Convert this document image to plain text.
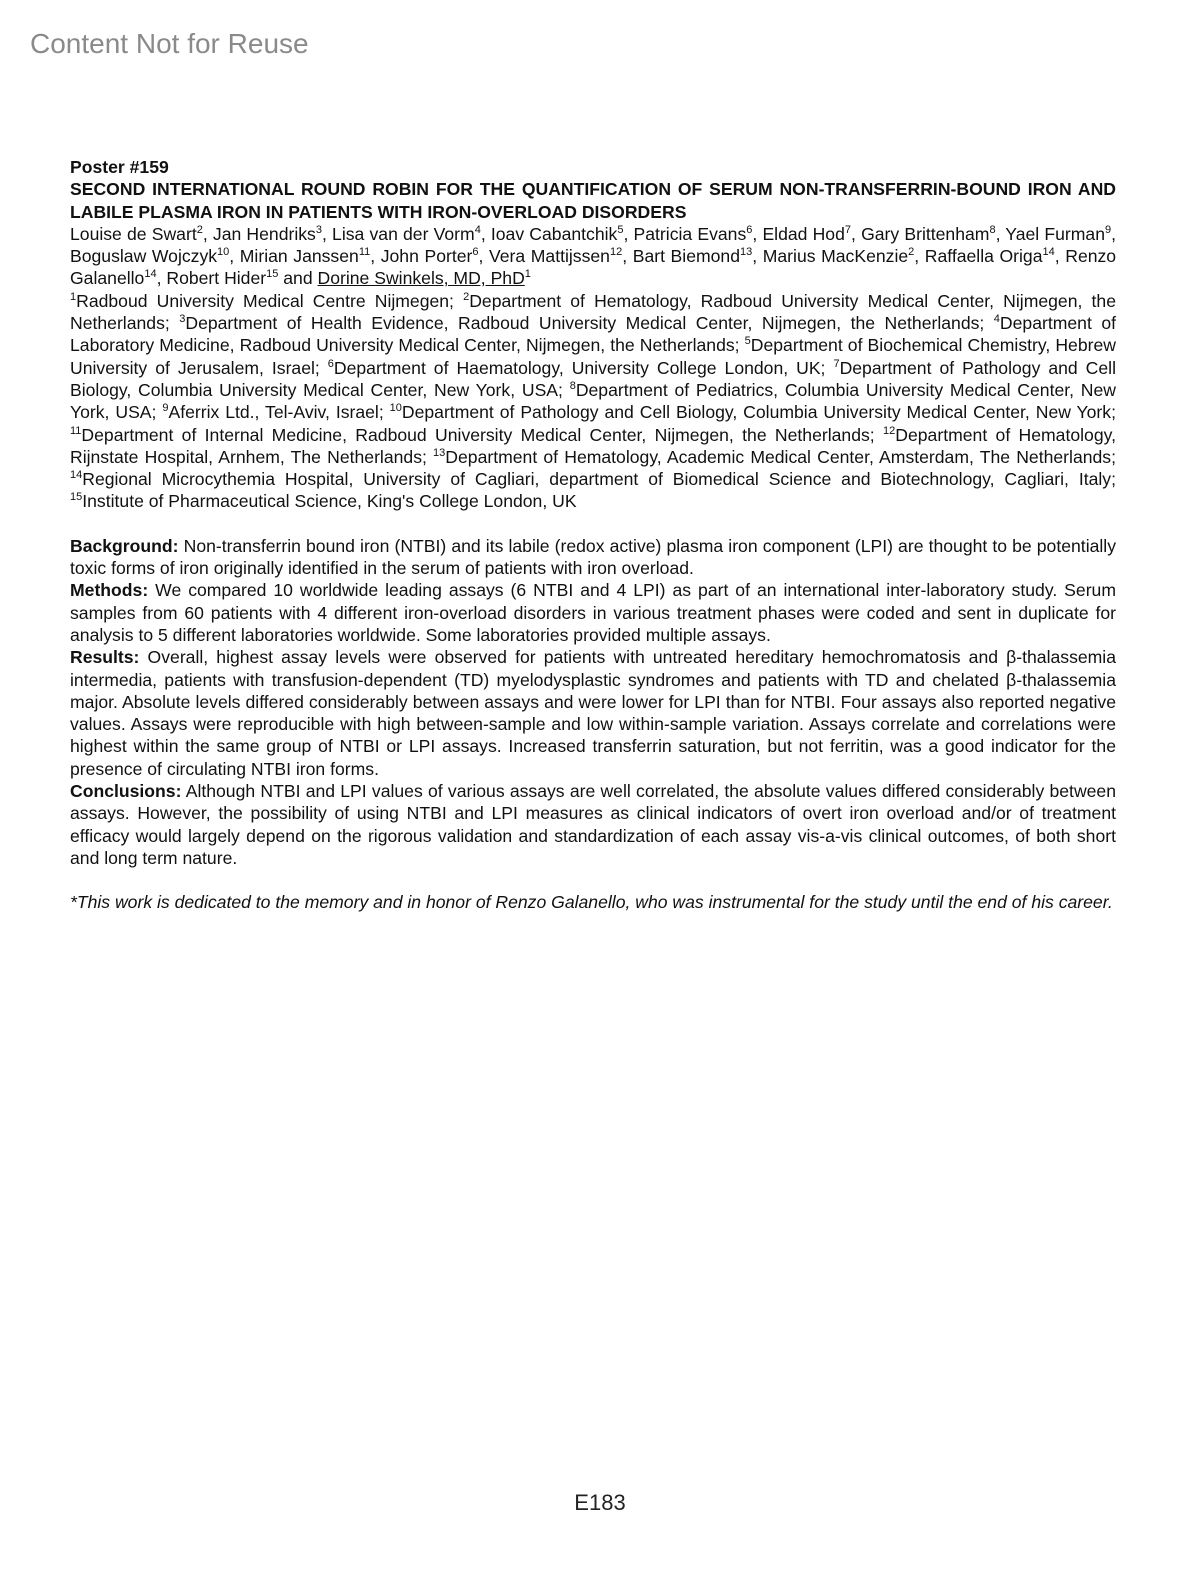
Content Not for Reuse
Poster #159
SECOND INTERNATIONAL ROUND ROBIN FOR THE QUANTIFICATION OF SERUM NON-TRANSFERRIN-BOUND IRON AND LABILE PLASMA IRON IN PATIENTS WITH IRON-OVERLOAD DISORDERS
Louise de Swart$^2$, Jan Hendriks$^3$, Lisa van der Vorm$^4$, Ioav Cabantchik$^5$, Patricia Evans$^6$, Eldad Hod$^7$, Gary Brittenham$^8$, Yael Furman$^9$, Boguslaw Wojczyk$^{10}$, Mirian Janssen$^{11}$, John Porter$^6$, Vera Mattijssen$^{12}$, Bart Biemond$^{13}$, Marius MacKenzie$^2$, Raffaella Origa$^{14}$, Renzo Galanello$^{14}$, Robert Hider$^{15}$ and Dorine Swinkels, MD, PhD$^1$
$^1$Radboud University Medical Centre Nijmegen; $^2$Department of Hematology, Radboud University Medical Center, Nijmegen, the Netherlands; $^3$Department of Health Evidence, Radboud University Medical Center, Nijmegen, the Netherlands; $^4$Department of Laboratory Medicine, Radboud University Medical Center, Nijmegen, the Netherlands; $^5$Department of Biochemical Chemistry, Hebrew University of Jerusalem, Israel; $^6$Department of Haematology, University College London, UK; $^7$Department of Pathology and Cell Biology, Columbia University Medical Center, New York, USA; $^8$Department of Pediatrics, Columbia University Medical Center, New York, USA; $^9$Aferrix Ltd., Tel-Aviv, Israel; $^{10}$Department of Pathology and Cell Biology, Columbia University Medical Center, New York; $^{11}$Department of Internal Medicine, Radboud University Medical Center, Nijmegen, the Netherlands; $^{12}$Department of Hematology, Rijnstate Hospital, Arnhem, The Netherlands; $^{13}$Department of Hematology, Academic Medical Center, Amsterdam, The Netherlands; $^{14}$Regional Microcythemia Hospital, University of Cagliari, department of Biomedical Science and Biotechnology, Cagliari, Italy; $^{15}$Institute of Pharmaceutical Science, King's College London, UK
Background: Non-transferrin bound iron (NTBI) and its labile (redox active) plasma iron component (LPI) are thought to be potentially toxic forms of iron originally identified in the serum of patients with iron overload.
Methods: We compared 10 worldwide leading assays (6 NTBI and 4 LPI) as part of an international inter-laboratory study. Serum samples from 60 patients with 4 different iron-overload disorders in various treatment phases were coded and sent in duplicate for analysis to 5 different laboratories worldwide. Some laboratories provided multiple assays.
Results: Overall, highest assay levels were observed for patients with untreated hereditary hemochromatosis and β-thalassemia intermedia, patients with transfusion-dependent (TD) myelodysplastic syndromes and patients with TD and chelated β-thalassemia major. Absolute levels differed considerably between assays and were lower for LPI than for NTBI. Four assays also reported negative values. Assays were reproducible with high between-sample and low within-sample variation. Assays correlate and correlations were highest within the same group of NTBI or LPI assays. Increased transferrin saturation, but not ferritin, was a good indicator for the presence of circulating NTBI iron forms.
Conclusions: Although NTBI and LPI values of various assays are well correlated, the absolute values differed considerably between assays. However, the possibility of using NTBI and LPI measures as clinical indicators of overt iron overload and/or of treatment efficacy would largely depend on the rigorous validation and standardization of each assay vis-a-vis clinical outcomes, of both short and long term nature.
*This work is dedicated to the memory and in honor of Renzo Galanello, who was instrumental for the study until the end of his career.
E183
